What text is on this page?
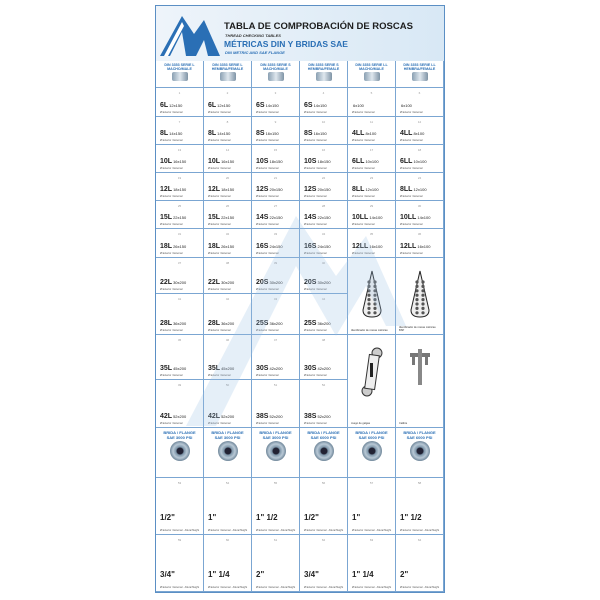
TABLA DE COMPROBACIÓN DE ROSCAS
THREAD CHECKING TABLES
MÉTRICAS DIN Y BRIDAS SAE
DIN METRIC AND SAE FLANGE
DIN 3353 SERIE L
MACHO/MALE
DIN 3353 SERIE L
HEMBRA/FEMALE
DIN 3353 SERIE S
MACHO/MALE
DIN 3353 SERIE S
HEMBRA/FEMALE
DIN 3353 SERIE LL
MACHO/MALE
DIN 3353 SERIE LL
HEMBRA/FEMALE
1
6L12x150
Ø Exterior / External
2
6L12x150
Ø Exterior / External
3
6S14x150
Ø Exterior / External
4
6S14x150
Ø Exterior / External
5
6x100
Ø Exterior / External
6
6x100
Ø Exterior / External
7
8L14x150
Ø Exterior / External
8
8L14x150
Ø Exterior / External
9
8S16x150
Ø Exterior / External
10
8S16x150
Ø Exterior / External
11
4LL8x100
Ø Exterior / External
12
4LL8x100
Ø Exterior / External
13
10L16x150
Ø Exterior / External
14
10L16x150
Ø Exterior / External
15
10S18x150
Ø Exterior / External
16
10S18x150
Ø Exterior / External
17
6LL10x100
Ø Exterior / External
18
6LL10x100
Ø Exterior / External
19
12L18x150
Ø Exterior / External
20
12L18x150
Ø Exterior / External
21
12S20x150
Ø Exterior / External
22
12S20x150
Ø Exterior / External
23
8LL12x100
Ø Exterior / External
24
8LL12x100
Ø Exterior / External
25
15L22x150
Ø Exterior / External
26
15L22x150
Ø Exterior / External
27
14S22x150
Ø Exterior / External
28
14S22x150
Ø Exterior / External
29
10LL14x100
Ø Exterior / External
30
10LL14x100
Ø Exterior / External
31
18L26x150
Ø Exterior / External
32
18L26x150
Ø Exterior / External
33
16S24x150
Ø Exterior / External
34
16S24x150
Ø Exterior / External
35
12LL16x100
Ø Exterior / External
36
12LL16x100
Ø Exterior / External
37
22L30x200
Ø Exterior / External
38
22L30x200
Ø Exterior / External
39
20S30x200
Ø Exterior / External
40
20S30x200
Ø Exterior / External
41
28L36x200
Ø Exterior / External
42
28L36x200
Ø Exterior / External
43
25S36x200
Ø Exterior / External
44
25S36x200
Ø Exterior / External
45
35L45x200
Ø Exterior / External
46
35L45x200
Ø Exterior / External
47
30S42x200
Ø Exterior / External
48
30S42x200
Ø Exterior / External
49
42L52x200
Ø Exterior / External
50
42L52x200
Ø Exterior / External
51
38S52x200
Ø Exterior / External
52
38S52x200
Ø Exterior / External
Identificador de roscas métricas
Identificador de roscas métricas BSP
Juego de galgas	Calibre
BRIDA / FLANGE
SAE 3000 PSI
BRIDA / FLANGE
SAE 3000 PSI
BRIDA / FLANGE
SAE 3000 PSI
BRIDA / FLANGE
SAE 6000 PSI
BRIDA / FLANGE
SAE 6000 PSI
BRIDA / FLANGE
SAE 6000 PSI
53
1/2"
Ø Exterior / External · Altura/Height
54
1"
Ø Exterior / External · Altura/Height
55
1" 1/2
Ø Exterior / External · Altura/Height
56
1/2"
Ø Exterior / External · Altura/Height
57
1"
Ø Exterior / External · Altura/Height
58
1" 1/2
Ø Exterior / External · Altura/Height
59
3/4"
Ø Exterior / External · Altura/Height
60
1" 1/4
Ø Exterior / External · Altura/Height
61
2"
Ø Exterior / External · Altura/Height
62
3/4"
Ø Exterior / External · Altura/Height
63
1" 1/4
Ø Exterior / External · Altura/Height
64
2"
Ø Exterior / External · Altura/Height
